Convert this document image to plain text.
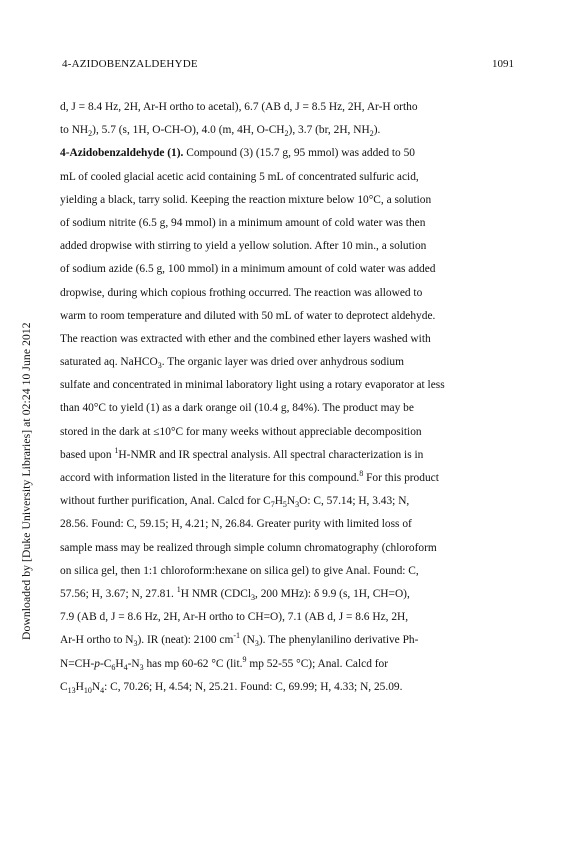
4-AZIDOBENZALDEHYDE	1091
Downloaded by [Duke University Libraries] at 02:24 10 June 2012
d, J = 8.4 Hz, 2H, Ar-H ortho to acetal), 6.7 (AB d, J = 8.5 Hz, 2H, Ar-H ortho
to $NH_2$), 5.7 (s, 1H, O-CH-O), 4.0 (m, 4H, $O-CH_2$), 3.7 (br, 2H, $NH_2$).
4-Azidobenzaldehyde (1). Compound (3) (15.7 g, 95 mmol) was added to 50
mL of cooled glacial acetic acid containing 5 mL of concentrated sulfuric acid,
yielding a black, tarry solid. Keeping the reaction mixture below 10°C, a solution
of sodium nitrite (6.5 g, 94 mmol) in a minimum amount of cold water was then
added dropwise with stirring to yield a yellow solution. After 10 min., a solution
of sodium azide (6.5 g, 100 mmol) in a minimum amount of cold water was added
dropwise, during which copious frothing occurred. The reaction was allowed to
warm to room temperature and diluted with 50 mL of water to deprotect aldehyde.
The reaction was extracted with ether and the combined ether layers washed with
saturated aq. NaHCO$_3$. The organic layer was dried over anhydrous sodium
sulfate and concentrated in minimal laboratory light using a rotary evaporator at less
than 40°C to yield (1) as a dark orange oil (10.4 g, 84%). The product may be
stored in the dark at ≤10°C for many weeks without appreciable decomposition
based upon $^1$H-NMR and IR spectral analysis. All spectral characterization is in
accord with information listed in the literature for this compound.$^8$ For this product
without further purification, Anal. Calcd for $C_7H_5N_3O$: C, 57.14; H, 3.43; N,
28.56. Found: C, 59.15; H, 4.21; N, 26.84. Greater purity with limited loss of
sample mass may be realized through simple column chromatography (chloroform
on silica gel, then 1:1 chloroform:hexane on silica gel) to give Anal. Found: C,
57.56; H, 3.67; N, 27.81. $^1$H NMR (CDCl$_3$, 200 MHz): δ 9.9 (s, 1H, CH=O),
7.9 (AB d, J = 8.6 Hz, 2H, Ar-H ortho to CH=O), 7.1 (AB d, J = 8.6 Hz, 2H,
Ar-H ortho to $N_3$). IR (neat): 2100 $cm^{-1}$ $(N_3)$. The phenylanilino derivative Ph-
$N=CH-p-C_6H_4-N_3$ has mp 60-62 °C (lit.$^9$ mp 52-55 °C); Anal. Calcd for
$C_{13}H_{10}N_4$: C, 70.26; H, 4.54; N, 25.21. Found: C, 69.99; H, 4.33; N, 25.09.
